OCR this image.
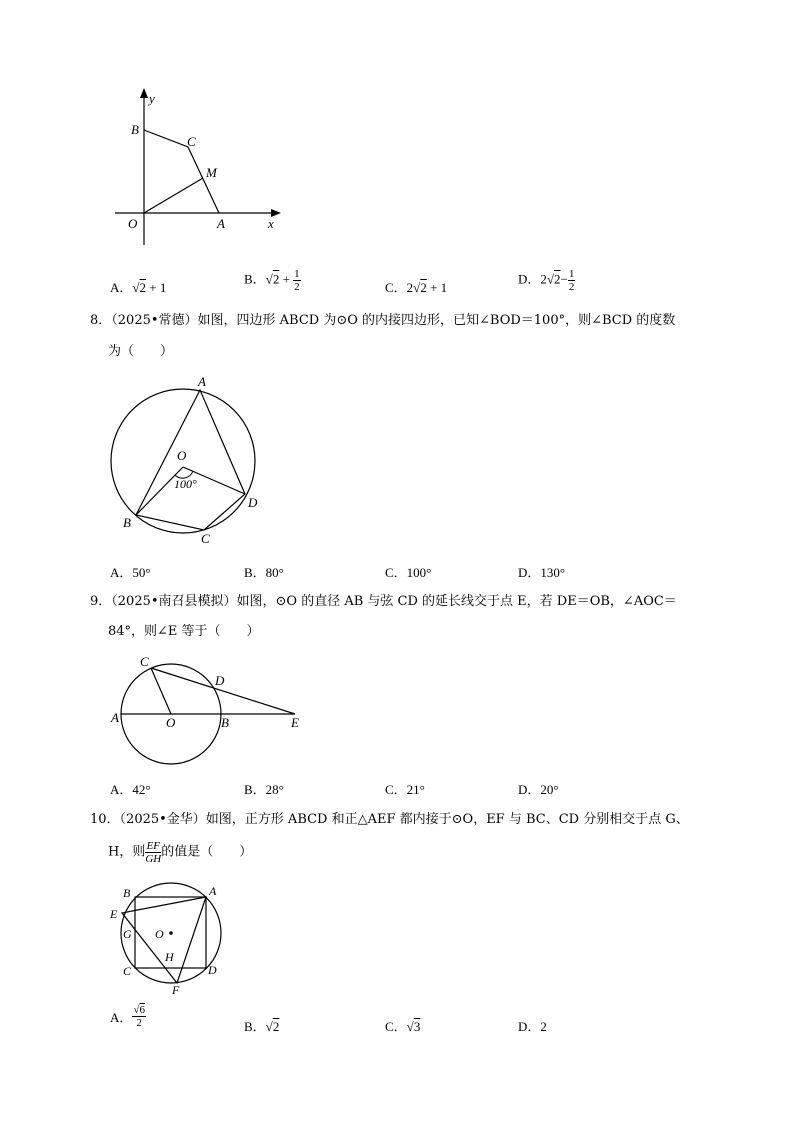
y
B
C
M
O	A	x
A．√2 + 1
B．$√2 + \frac{1}{2}$	C．2√2 + 1
D．$2√2- \frac{1}{2}$
8．（2025•常德）如图，四边形 ABCD 为⊙O 的内接四边形，已知∠BOD＝100°，则∠BCD 的度数
为（　　）
A
O
100°
B
C
D
A．50°	B．80°	C．100°	D．130°
9．（2025•南召县模拟）如图，⊙O 的直径 AB 与弦 CD 的延长线交于点 E，若 DE＝OB，∠AOC＝
84°，则∠E 等于（　　）
C
D
A	O	B	E
A．42°	B．28°	C．21°	D．20°
10．（2025•金华）如图，正方形 ABCD 和正△AEF 都内接于⊙O，EF 与 BC、CD 分别相交于点 G、
H，则 $\frac{EF}{GH}$ 的值是（　　）
B	A
E
G O
H
C	D
F
A． $\frac{√6}{2}$	B．√2	C．√3	D．2
